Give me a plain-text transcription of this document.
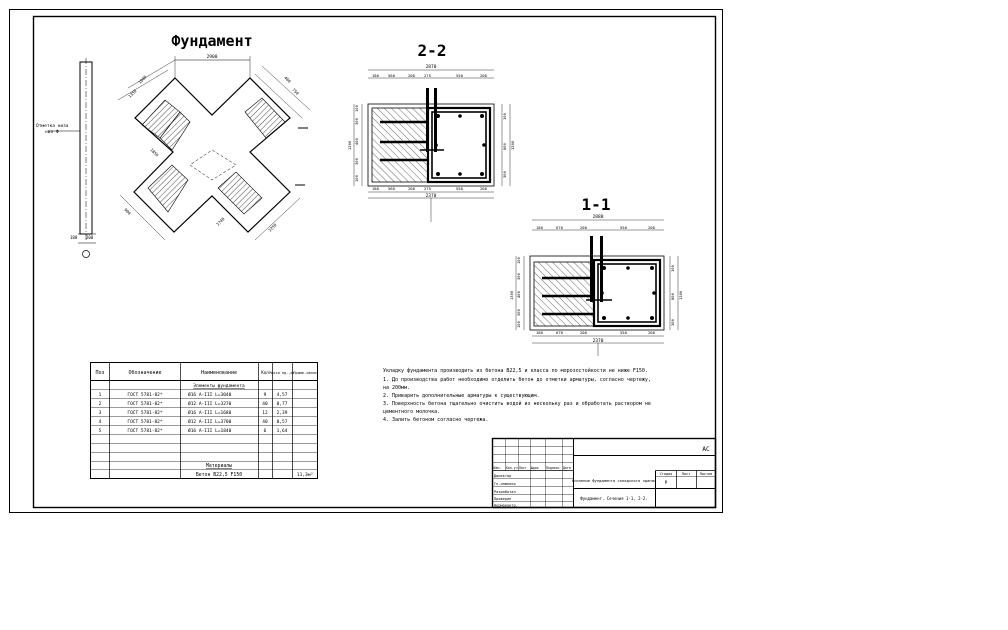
Фундамент	2-2
1-1
Отметка низа
низ Ф
180 200
2900
1000
1350
460
750
900
2250
1850
2740
2870
180 560	200 275	550	200
180 560	200 275	550	200
2370
100
300
400
300
100
1200
100
800 1200
300
2880
180	670	200	550	200
180	670	200	550	200
2370
100
300
400
300
100
1300
100
800 1300
300
Укладку фундамента производить из бетона В22,5 и класса по морозостойкости не ниже F150.
1. До производства работ необходимо отделить бетон до отметки арматуры, согласно чертежу,
на 200мм.
2. Приварить дополнительные арматуры к существующим.
3. Поверхность бетона тщательно очистить водой из нескольку раз и обработать раствором не
цементного молочка.
4. Залить бетоном согласно чертежа.
Поз	Обозначение	Наименование	Кол Масса ед.,кг
Приме-чание
Элементы фундамента
1	ГОСТ 5781-82*	Ø16 А-III L=3040	9 4,57
2	ГОСТ 5781-82*	Ø12 А-III L=3270	40 0,77
3	ГОСТ 5781-82*	Ø16 А-III L=1680	12 2,39
4	ГОСТ 5781-82*	Ø12 А-III L=3700	40 0,57
5	ГОСТ 5781-82*	Ø16 А-III L=1840	6 1,64
Материалы
Бетон В22,5 F150	11,3м³
Изм. Кол.уч Лист №док Подпись Дата
Директор
Гл.инженер
Разработал
Проверил
Нормоконтр.
АС
Усиление фундамента складского здания
Стадия	Лист	Листов
Р
Фундамент. Сечения 1-1, 2-2.
